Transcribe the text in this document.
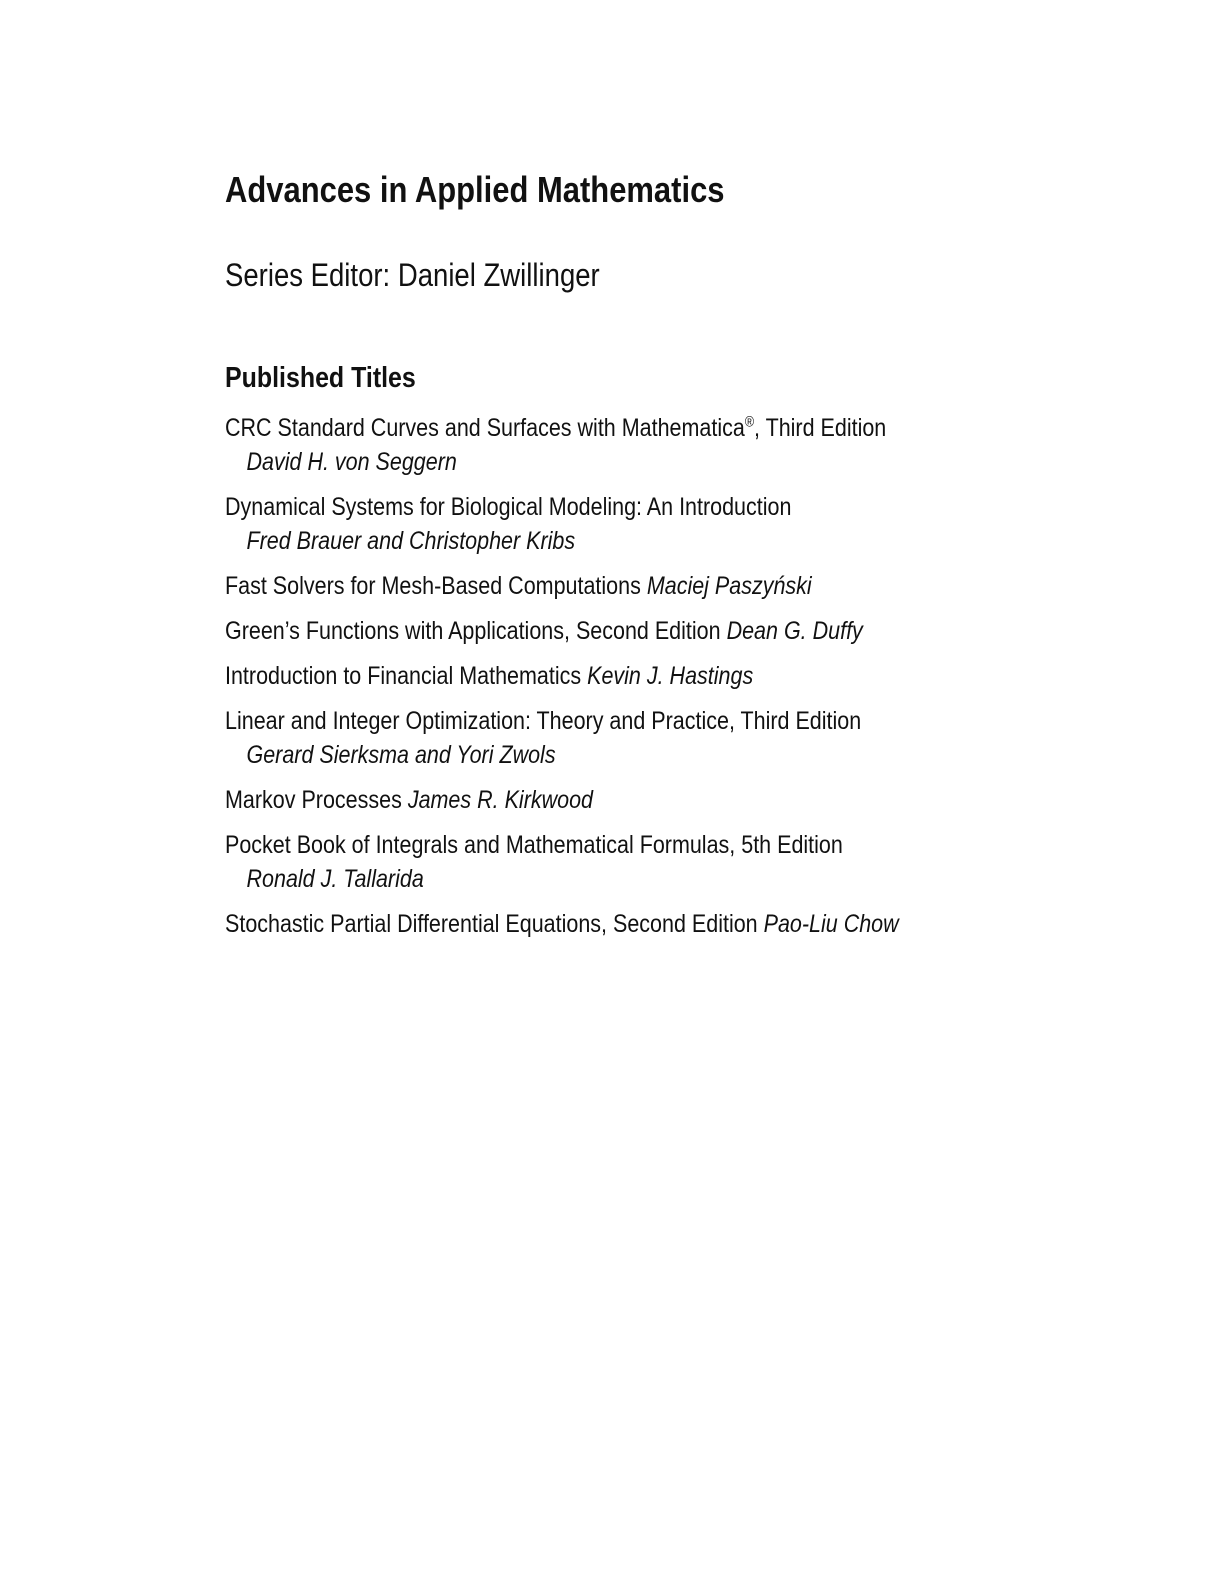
Advances in Applied Mathematics

Series Editor: Daniel Zwillinger

Published Titles
CRC Standard Curves and Surfaces with Mathematica®, Third Edition
David H. von Seggern
Dynamical Systems for Biological Modeling: An Introduction
Fred Brauer and Christopher Kribs
Fast Solvers for Mesh-Based Computations Maciej Paszyński
Green’s Functions with Applications, Second Edition Dean G. Duffy
Introduction to Financial Mathematics Kevin J. Hastings
Linear and Integer Optimization: Theory and Practice, Third Edition
Gerard Sierksma and Yori Zwols
Markov Processes James R. Kirkwood
Pocket Book of Integrals and Mathematical Formulas, 5th Edition
Ronald J. Tallarida
Stochastic Partial Differential Equations, Second Edition Pao-Liu Chow
